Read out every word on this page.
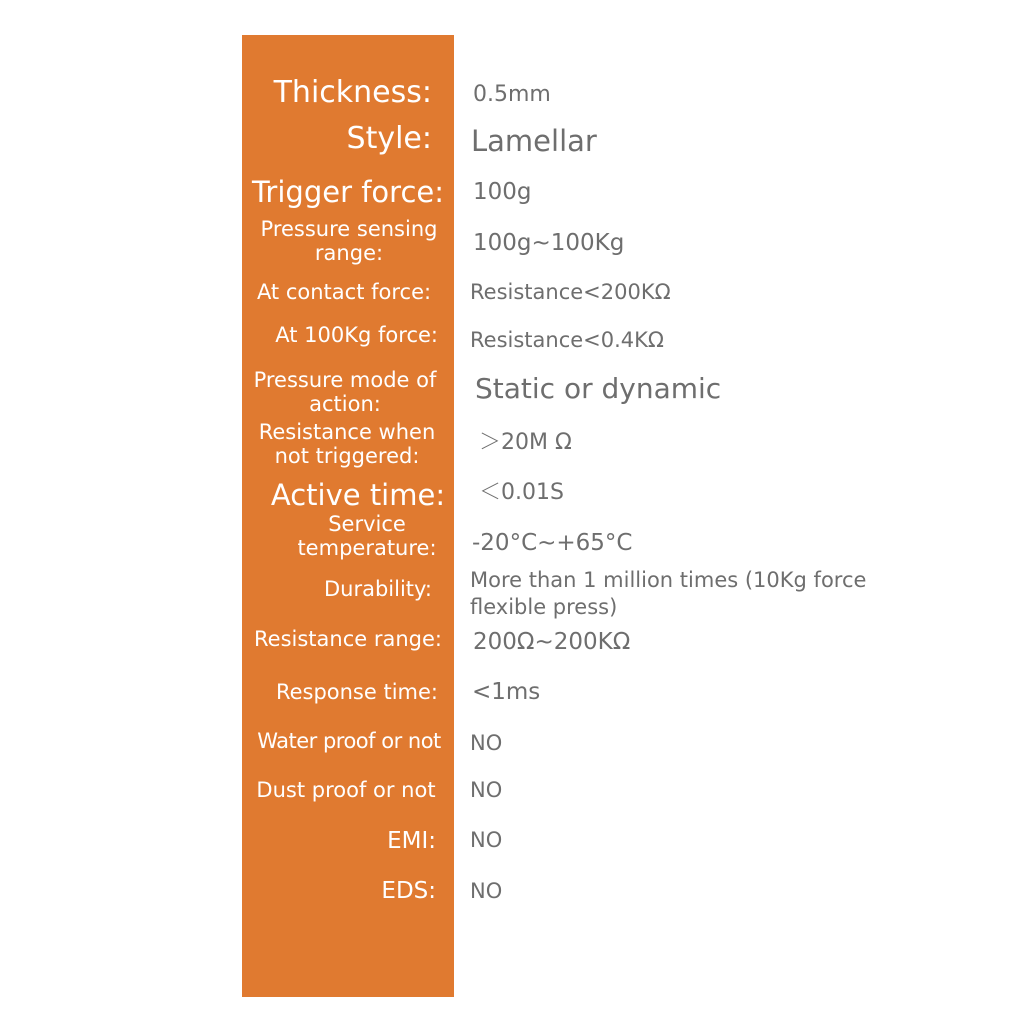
Thickness:
Style:
Trigger force:
Pressure sensing
range:
At contact force:
At 100Kg force:
Pressure mode of
action:
Resistance when
not triggered:
Active time:
Service
temperature:
Durability:
Resistance range:
Response time:
Water proof or not
Dust proof or not
EMI:
EDS:
0.5mm
Lamellar
100g
100g~100Kg
Resistance<200KΩ
Resistance<0.4KΩ
Static or dynamic
＞20M Ω
＜0.01S
-20°C~+65°C
More than 1 million times (10Kg force
flexible press)
200Ω~200KΩ
<1ms
NO
NO
NO
NO
